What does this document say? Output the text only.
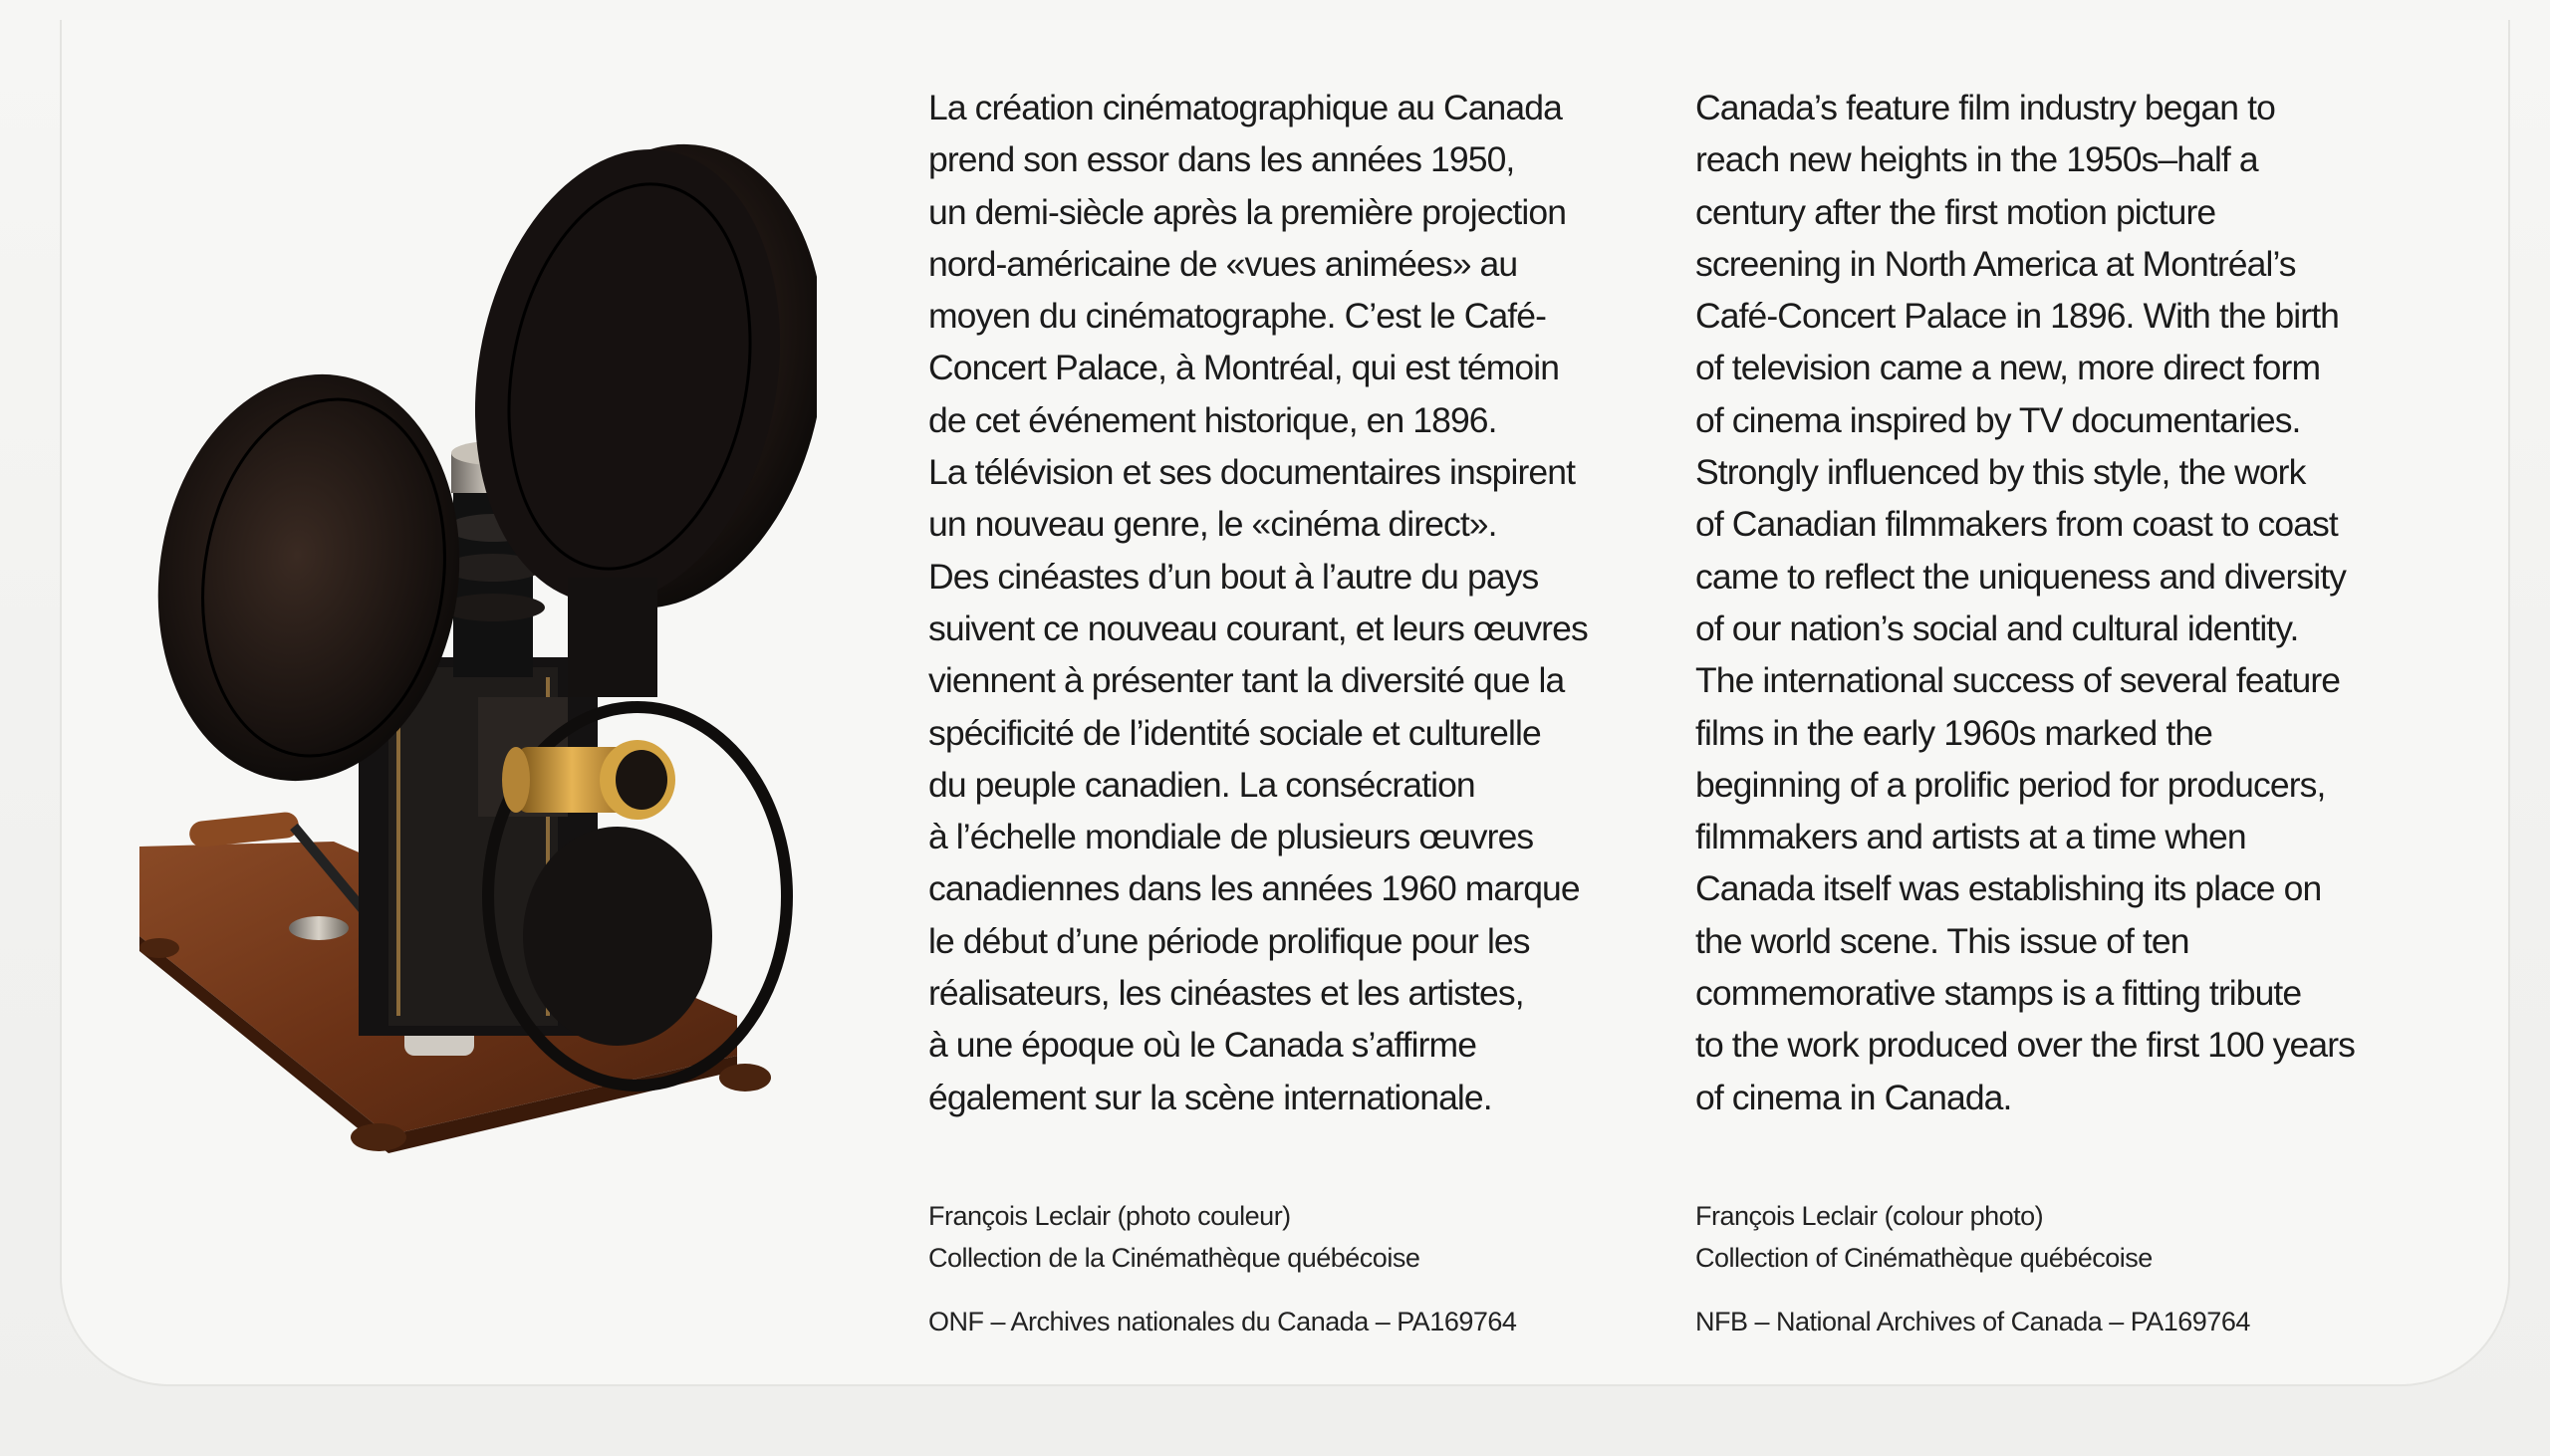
La création cinématographique au Canada
prend son essor dans les années 1950,
un demi-siècle après la première projection
nord-américaine de «vues animées» au
moyen du cinématographe. C’est le Café-
Concert Palace, à Montréal, qui est témoin
de cet événement historique, en 1896.
La télévision et ses documentaires inspirent
un nouveau genre, le «cinéma direct».
Des cinéastes d’un bout à l’autre du pays
suivent ce nouveau courant, et leurs œuvres
viennent à présenter tant la diversité que la
spécificité de l’identité sociale et culturelle
du peuple canadien. La consécration
à l’échelle mondiale de plusieurs œuvres
canadiennes dans les années 1960 marque
le début d’une période prolifique pour les
réalisateurs, les cinéastes et les artistes,
à une époque où le Canada s’affirme
également sur la scène internationale.
Canada’s feature film industry began to
reach new heights in the 1950s–half a
century after the first motion picture
screening in North America at Montréal’s
Café-Concert Palace in 1896. With the birth
of television came a new, more direct form
of cinema inspired by TV documentaries.
Strongly influenced by this style, the work
of Canadian filmmakers from coast to coast
came to reflect the uniqueness and diversity
of our nation’s social and cultural identity.
The international success of several feature
films in the early 1960s marked the
beginning of a prolific period for producers,
filmmakers and artists at a time when
Canada itself was establishing its place on
the world scene. This issue of ten
commemorative stamps is a fitting tribute
to the work produced over the first 100 years
of cinema in Canada.
François Leclair (photo couleur)
Collection de la Cinémathèque québécoise
ONF – Archives nationales du Canada – PA169764
François Leclair (colour photo)
Collection of Cinémathèque québécoise
NFB – National Archives of Canada – PA169764
